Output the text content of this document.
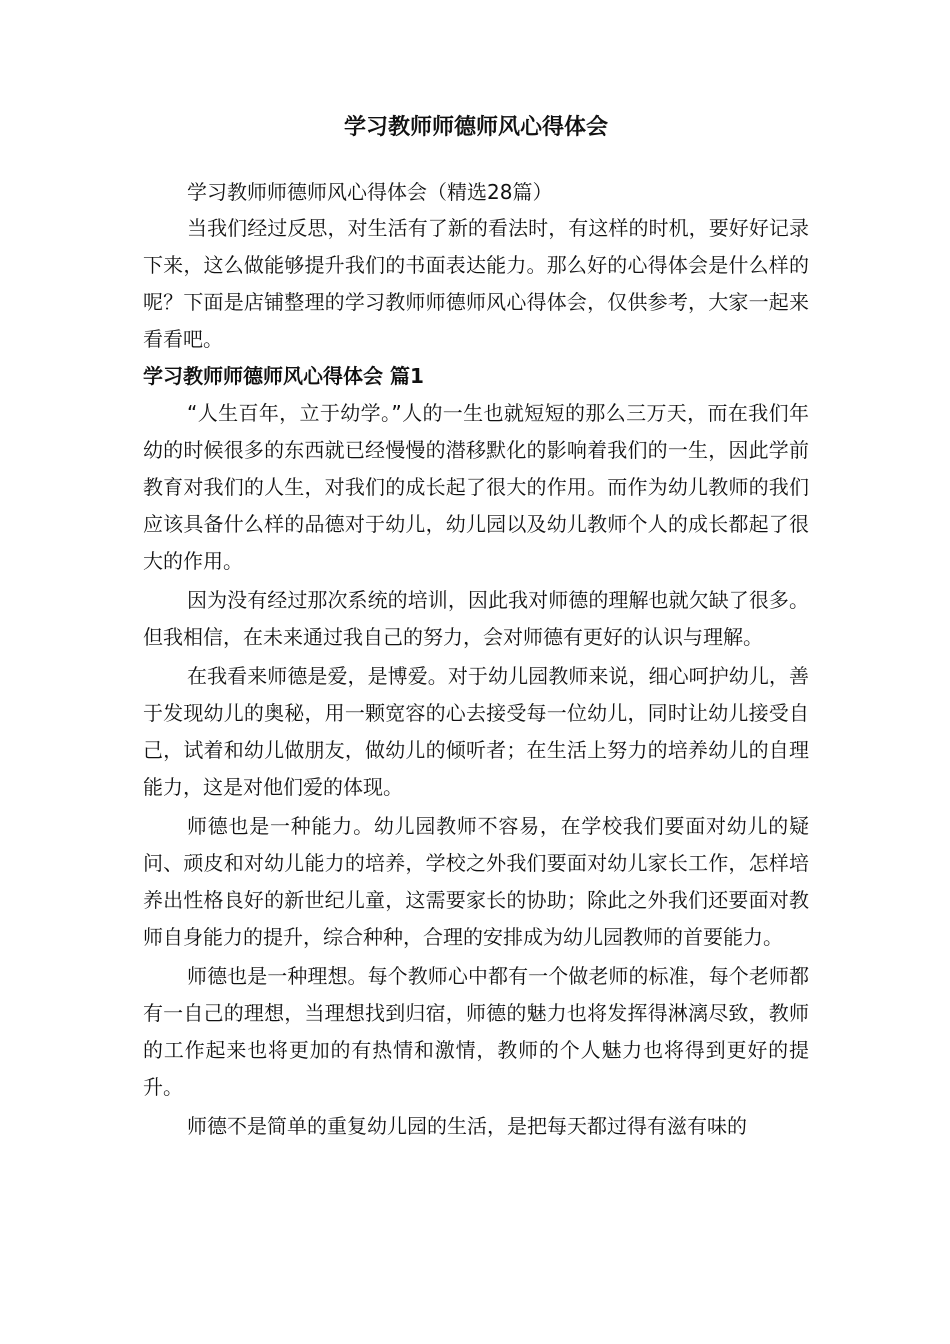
学习教师师德师风心得体会

学习教师师德师风心得体会（精选28篇）

当我们经过反思，对生活有了新的看法时，有这样的时机，要好好记录下来，这么做能够提升我们的书面表达能力。那么好的心得体会是什么样的呢？下面是店铺整理的学习教师师德师风心得体会，仅供参考，大家一起来看看吧。

学习教师师德师风心得体会 篇1

“人生百年，立于幼学。”人的一生也就短短的那么三万天，而在我们年幼的时候很多的东西就已经慢慢的潜移默化的影响着我们的一生，因此学前教育对我们的人生，对我们的成长起了很大的作用。而作为幼儿教师的我们应该具备什么样的品德对于幼儿，幼儿园以及幼儿教师个人的成长都起了很大的作用。

因为没有经过那次系统的培训，因此我对师德的理解也就欠缺了很多。但我相信，在未来通过我自己的努力，会对师德有更好的认识与理解。

在我看来师德是爱，是博爱。对于幼儿园教师来说，细心呵护幼儿，善于发现幼儿的奥秘，用一颗宽容的心去接受每一位幼儿，同时让幼儿接受自己，试着和幼儿做朋友，做幼儿的倾听者；在生活上努力的培养幼儿的自理能力，这是对他们爱的体现。

师德也是一种能力。幼儿园教师不容易，在学校我们要面对幼儿的疑问、顽皮和对幼儿能力的培养，学校之外我们要面对幼儿家长工作，怎样培养出性格良好的新世纪儿童，这需要家长的协助；除此之外我们还要面对教师自身能力的提升，综合种种，合理的安排成为幼儿园教师的首要能力。

师德也是一种理想。每个教师心中都有一个做老师的标准，每个老师都有一自己的理想，当理想找到归宿，师德的魅力也将发挥得淋漓尽致，教师的工作起来也将更加的有热情和激情，教师的个人魅力也将得到更好的提升。

师德不是简单的重复幼儿园的生活，是把每天都过得有滋有味的
